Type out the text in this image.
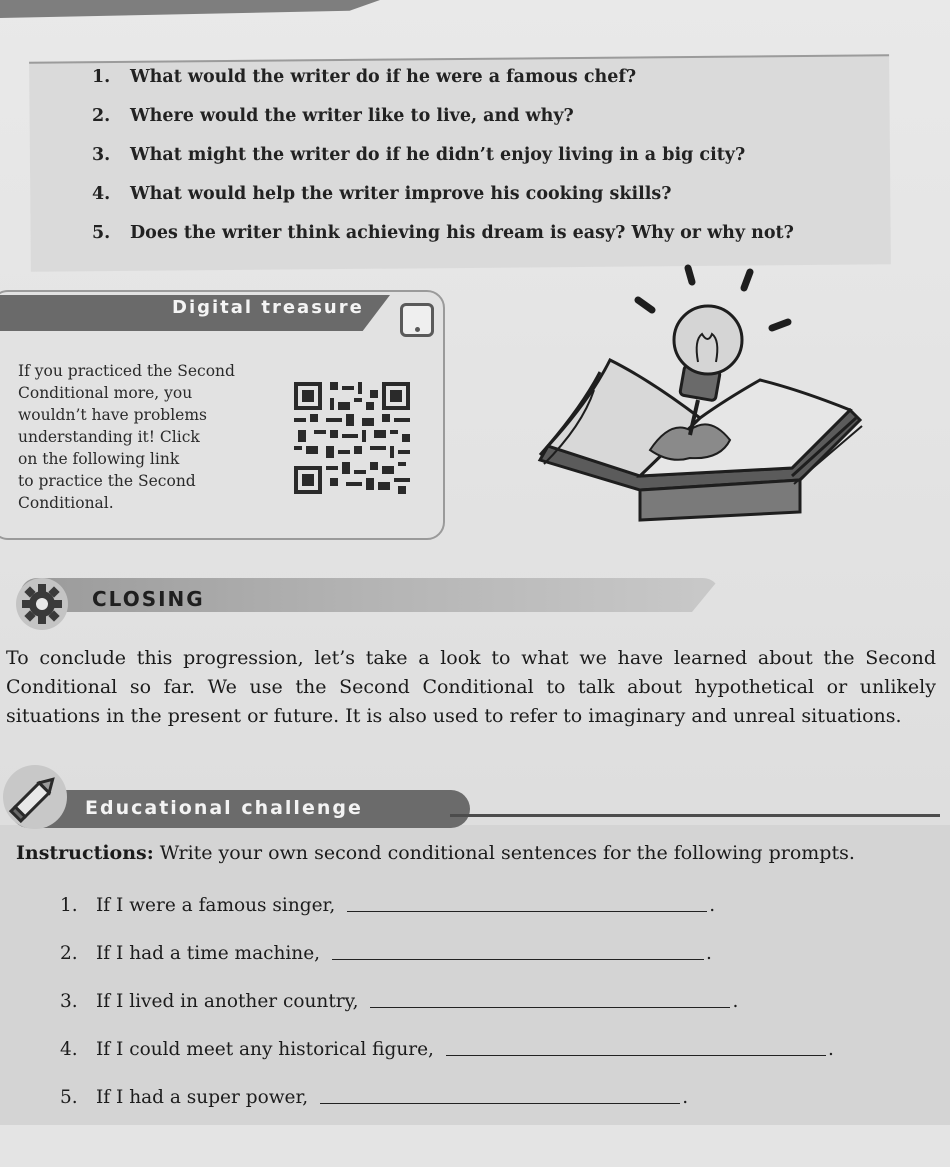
1. What would the writer do if he were a famous chef?
2. Where would the writer like to live, and why?
3. What might the writer do if he didn’t enjoy living in a big city?
4. What would help the writer improve his cooking skills?
5. Does the writer think achieving his dream is easy? Why or why not?
Digital treasure
If you practiced the Second
Conditional more, you
wouldn’t have problems
understanding it! Click
on the following link
to practice the Second
Conditional.
CLOSING
To conclude this progression, let’s take a look to what we have learned about the Second
Conditional so far. We use the Second Conditional to talk about hypothetical or unlikely
situations in the present or future. It is also used to refer to imaginary and unreal situations.
Educational challenge
Instructions: Write your own second conditional sentences for the following prompts.
1. If I were a famous singer,	.
2. If I had a time machine,	.
3. If I lived in another country,	.
4. If I could meet any historical figure,	.
5. If I had a super power,	.
